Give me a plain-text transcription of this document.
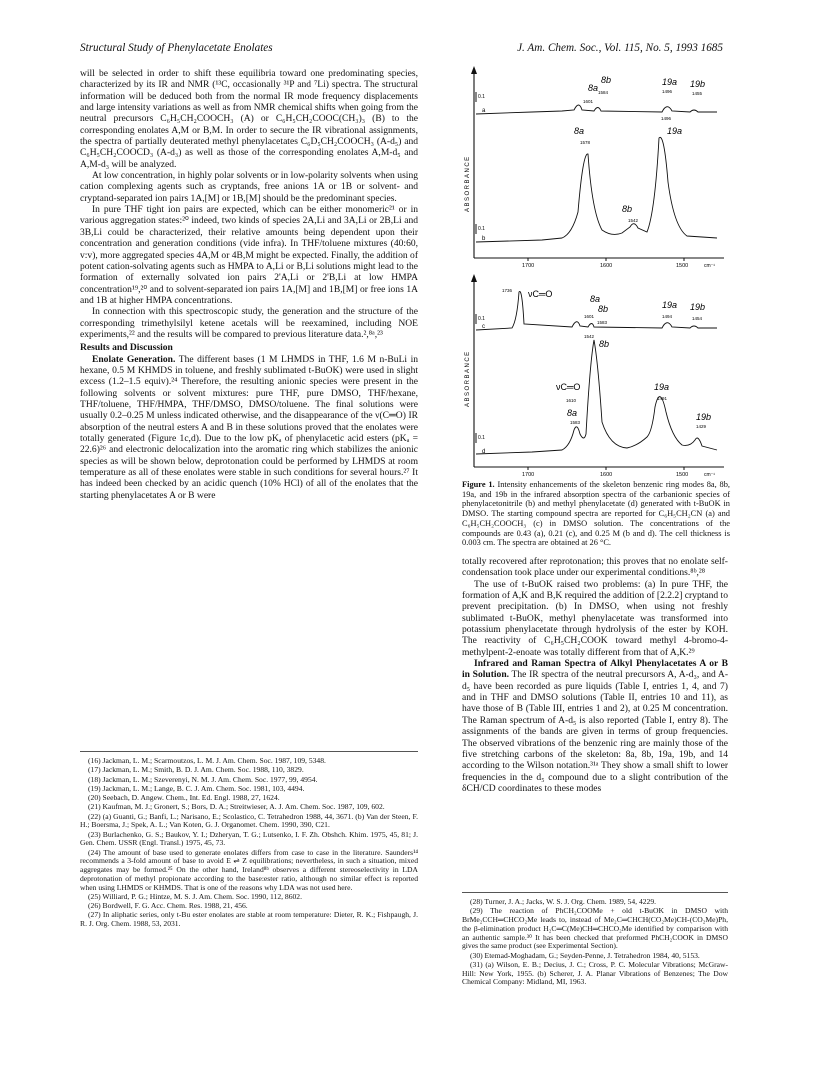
Structural Study of Phenylacetate Enolates	J. Am. Chem. Soc., Vol. 115, No. 5, 1993 1685

will be selected in order to shift these equilibria toward one predominating species, characterized by its IR and NMR (¹³C, occasionally ³¹P and ⁷Li) spectra. The structural information will be deduced both from the normal IR mode frequency displacements and large intensity variations as well as from NMR chemical shifts when going from the neutral precursors C₆H₅CH₂COOCH₃ (A) or C₆H₅CH₂COOC(CH₃)₃ (B) to the corresponding enolates A,M or B,M. In order to secure the IR vibrational assignments, the spectra of partially deuterated methyl phenylacetates C₆D₅CH₂COOCH₃ (A-d₅) and C₆H₅CH₂COOCD₃ (A-d₃) as well as those of the corresponding enolates A,M-d₅ and A,M-d₃ will be analyzed.

At low concentration, in highly polar solvents or in low-polarity solvents when using cation complexing agents such as cryptands, free anions 1A or 1B or solvent- and cryptand-separated ion pairs 1A,[M] or 1B,[M] should be the predominant species.

In pure THF tight ion pairs are expected, which can be either monomeric²¹ or in various aggregation states:²⁰ indeed, two kinds of species 2A,Li and 3A,Li or 2B,Li and 3B,Li could be characterized, their relative amounts being dependent upon their concentration and generation conditions (vide infra). In THF/toluene mixtures (40:60, v:v), more aggregated species 4A,M or 4B,M might be expected. Finally, the addition of potent cation-solvating agents such as HMPA to A,Li or B,Li solutions might lead to the formation of externally solvated ion pairs 2'A,Li or 2'B,Li at low HMPA concentration¹⁹,²⁰ and to solvent-separated ion pairs 1A,[M] and 1B,[M] or free ions 1A and 1B at higher HMPA concentrations.

In connection with this spectroscopic study, the generation and the structure of the corresponding trimethylsilyl ketene acetals will be reexamined, including NOE experiments,²² and the results will be compared to previous literature data.²,⁸ᵃ,²³

Results and Discussion

Enolate Generation. The different bases (1 M LHMDS in THF, 1.6 M n-BuLi in hexane, 0.5 M KHMDS in toluene, and freshly sublimated t-BuOK) were used in slight excess (1.2–1.5 equiv).²⁴ Therefore, the resulting anionic species were present in the following solvents or solvent mixtures: pure THF, pure DMSO, THF/hexane, THF/toluene, THF/HMPA, THF/DMSO, DMSO/toluene. The final solutions were usually 0.2–0.25 M unless indicated otherwise, and the disappearance of the ν(C═O) IR absorption of the neutral esters A and B in these solutions proved that the enolates were totally generated (Figure 1c,d). Due to the low pKₐ of phenylacetic acid esters (pKₐ = 22.6)²⁶ and electronic delocalization into the aromatic ring which stabilizes the anionic species as will be shown below, deprotonation could be performed by LHMDS at room temperature as all of these enolates were stable in such conditions for several hours.²⁷ It has indeed been checked by an acidic quench (10% HCl) of all of the enolates that the starting phenylacetates A or B were

(16) Jackman, L. M.; Scarmoutzos, L. M. J. Am. Chem. Soc. 1987, 109, 5348.

(17) Jackman, L. M.; Smith, B. D. J. Am. Chem. Soc. 1988, 110, 3829.

(18) Jackman, L. M.; Szeverenyi, N. M. J. Am. Chem. Soc. 1977, 99, 4954.

(19) Jackman, L. M.; Lange, B. C. J. Am. Chem. Soc. 1981, 103, 4494.

(20) Seebach, D. Angew. Chem., Int. Ed. Engl. 1988, 27, 1624.

(21) Kaufman, M. J.; Gronert, S.; Bors, D. A.; Streitwieser, A. J. Am. Chem. Soc. 1987, 109, 602.

(22) (a) Guanti, G.; Banfi, L.; Narisano, E.; Scolastico, C. Tetrahedron 1988, 44, 3671. (b) Van der Steen, F. H.; Boersma, J.; Spek, A. L.; Van Koten, G. J. Organomet. Chem. 1990, 390, C21.

(23) Burlachenko, G. S.; Baukov, Y. I.; Dzheryan, T. G.; Lutsenko, I. F. Zh. Obshch. Khim. 1975, 45, 81; J. Gen. Chem. USSR (Engl. Transl.) 1975, 45, 73.

(24) The amount of base used to generate enolates differs from case to case in the literature. Saunders¹⁴ recommends a 3-fold amount of base to avoid E ⇌ Z equilibrations; nevertheless, in such a situation, mixed aggregates may be formed.²⁵ On the other hand, Ireland⁸ᵇ observes a different stereoselectivity in LDA deprotonation of methyl propionate according to the base:ester ratio, although no similar effect is reported when using LHMDS or KHMDS. That is one of the reasons why LDA was not used here.

(25) Williard, P. G.; Hintze, M. S. J. Am. Chem. Soc. 1990, 112, 8602.

(26) Bordwell, F. G. Acc. Chem. Res. 1988, 21, 456.

(27) In aliphatic series, only t-Bu ester enolates are stable at room temperature: Dieter, R. K.; Fishpaugh, J. R. J. Org. Chem. 1988, 53, 2031.

ABSORBANCE
1700	1600	1500	cm⁻¹
0.1
a
8b
8a 1584
1601
19a 19b
1496	1455
1496
b
0.1
8a
1578
19a
8b
1542
ABSORBANCE
1700	1600	1500	cm⁻¹
0.1
c
1736 νC═O	8a
8b
1601
1583
19a 19b
1494	1454
0.1
d
1542
8b
νC═O
1610
8a
1583
19a
1491
19b
1429
Figure 1. Intensity enhancements of the skeleton benzenic ring modes 8a, 8b, 19a, and 19b in the infrared absorption spectra of the carbanionic species of phenylacetonitrile (b) and methyl phenylacetate (d) generated with t-BuOK in DMSO. The starting compound spectra are reported for C₆H₅CH₂CN (a) and C₆H₅CH₂COOCH₃ (c) in DMSO solution. The concentrations of the compounds are 0.43 (a), 0.21 (c), and 0.25 M (b and d). The cell thickness is 0.003 cm. The spectra are obtained at 26 °C.

totally recovered after reprotonation; this proves that no enolate self-condensation took place under our experimental conditions.⁸ᵇ,²⁸

The use of t-BuOK raised two problems: (a) In pure THF, the formation of A,K and B,K required the addition of [2.2.2] cryptand to prevent precipitation. (b) In DMSO, when using not freshly sublimated t-BuOK, methyl phenylacetate was transformed into potassium phenylacetate through hydrolysis of the ester by KOH. The reactivity of C₆H₅CH₂COOK toward methyl 4-bromo-4-methylpent-2-enoate was totally different from that of A,K.²⁹

Infrared and Raman Spectra of Alkyl Phenylacetates A or B in Solution. The IR spectra of the neutral precursors A, A-d₃, and A-d₅ have been recorded as pure liquids (Table I, entries 1, 4, and 7) and in THF and DMSO solutions (Table II, entries 10 and 11), as have those of B (Table III, entries 1 and 2), at 0.25 M concentration. The Raman spectrum of A-d₅ is also reported (Table I, entry 8). The assignments of the bands are given in terms of group frequencies. The observed vibrations of the benzenic ring are mainly those of the five stretching carbons of the skeleton: 8a, 8b, 19a, 19b, and 14 according to the Wilson notation.³¹ᵃ They show a small shift to lower frequencies in the d₅ compound due to a slight contribution of the δCH/CD coordinates to these modes

(28) Turner, J. A.; Jacks, W. S. J. Org. Chem. 1989, 54, 4229.

(29) The reaction of PhCH₂COOMe + old t-BuOK in DMSO with BrMe₂CCH═CHCO₂Me leads to, instead of Me₂C═CHCH(CO₂Me)CH-(CO₂Me)Ph, the β-elimination product H₂C═C(Me)CH═CHCO₂Me identified by comparison with an authentic sample.³⁰ It has been checked that preformed PhCH₂COOK in DMSO gives the same product (see Experimental Section).

(30) Etemad-Moghadam, G.; Seyden-Penne, J. Tetrahedron 1984, 40, 5153.

(31) (a) Wilson, E. B.; Decius, J. C.; Cross, P. C. Molecular Vibrations; McGraw-Hill: New York, 1955. (b) Scherer, J. A. Planar Vibrations of Benzenes; The Dow Chemical Company: Midland, MI, 1963.
